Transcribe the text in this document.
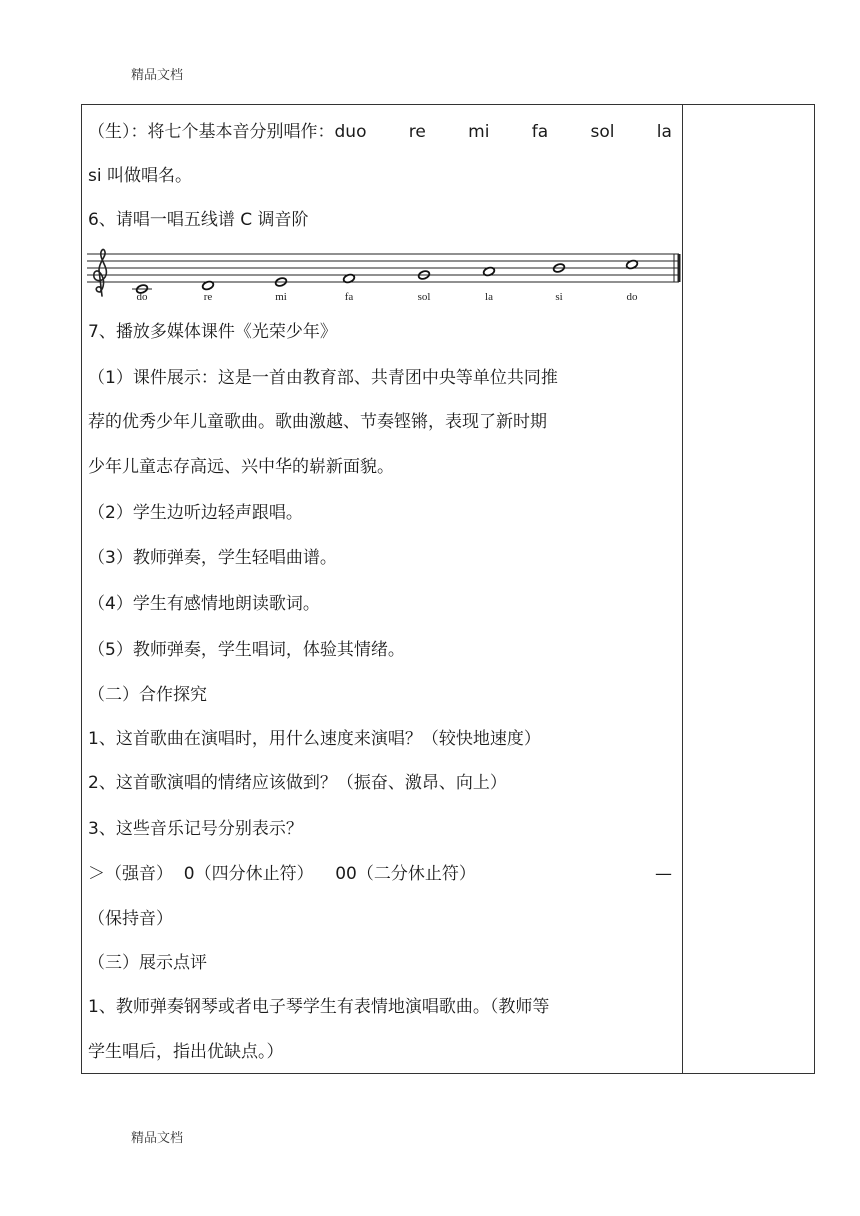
精品文档
（生）：将七个基本音分别唱作：duo re mi fa sol la
si 叫做唱名。
6、请唱一唱五线谱 C 调音阶
7、播放多媒体课件《光荣少年》
（1）课件展示：这是一首由教育部、共青团中央等单位共同推
荐的优秀少年儿童歌曲。歌曲激越、节奏铿锵，表现了新时期
少年儿童志存高远、兴中华的崭新面貌。
（2）学生边听边轻声跟唱。
（3）教师弹奏，学生轻唱曲谱。
（4）学生有感情地朗读歌词。
（5）教师弹奏，学生唱词，体验其情绪。
（二）合作探究
1、这首歌曲在演唱时，用什么速度来演唱？（较快地速度）
2、这首歌演唱的情绪应该做到？（振奋、激昂、向上）
3、这些音乐记号分别表示？
＞（强音）  0（四分休止符）    00（二分休止符）	—
（保持音）
（三）展示点评
1、教师弹奏钢琴或者电子琴学生有表情地演唱歌曲。（教师等
学生唱后，指出优缺点。）
do	re	mi	fa	sol	la	si	do
精品文档
